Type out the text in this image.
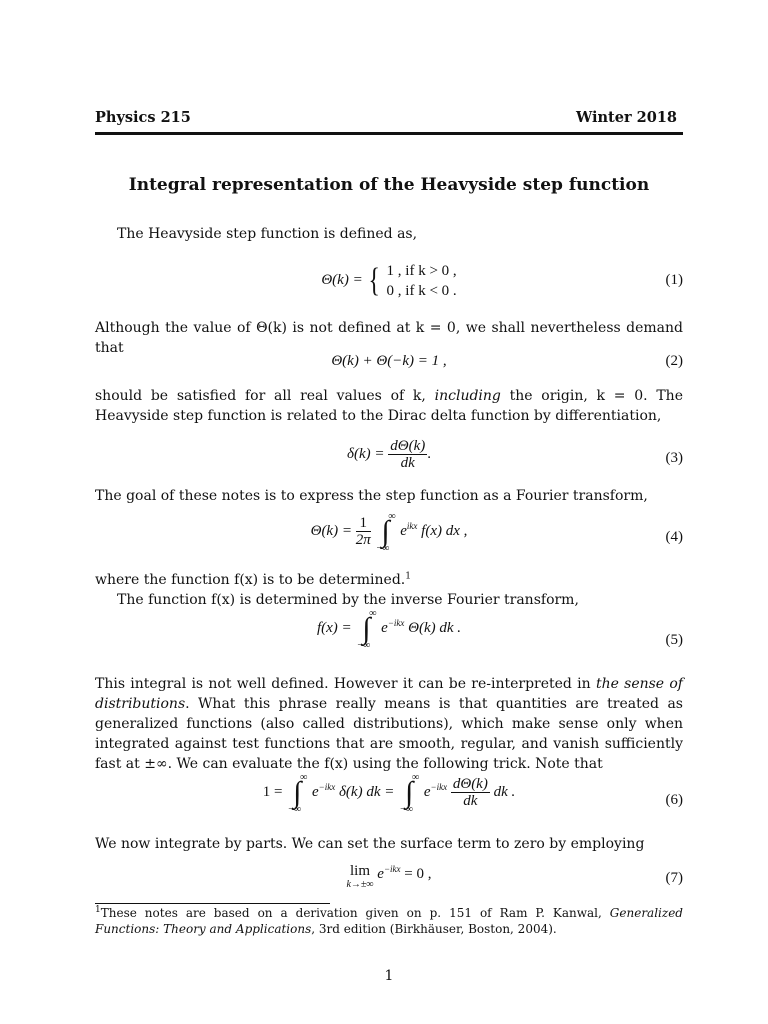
Physics 215	Winter 2018
Integral representation of the Heavyside step function
The Heavyside step function is defined as,
Θ(k) = { 1 , if k > 0 ,
0 , if k < 0 .
(1)
Although the value of Θ(k) is not defined at k = 0, we shall nevertheless demand that
Θ(k) + Θ(−k) = 1 ,	(2)
should be satisfied for all real values of k, including the origin, k = 0. The Heavyside step function is related to the Dirac delta function by differentiation,
$\delta(k) = \frac{d\Theta(k)}{dk}$ .	(3)
The goal of these notes is to express the step function as a Fourier transform,
$\Theta(k) = \frac{1}{2\pi}$ ∫
∞
−∞
$e^{ikx}$ f(x) dx ,	(4)
where the function f(x) is to be determined.$^1$
The function f(x) is determined by the inverse Fourier transform,
f(x) = ∫
∞
−∞
$e^{-ikx}$ Θ(k) dk .
(5)
This integral is not well defined. However it can be re-interpreted in the sense of distributions. What this phrase really means is that quantities are treated as generalized functions (also called distributions), which make sense only when integrated against test functions that are smooth, regular, and vanish sufficiently fast at ±∞. We can evaluate the f(x) using the following trick. Note that
1 = ∫
∞
−∞
$e^{-ikx}$ δ(k) dk = ∫
∞
−∞
$e^{-ikx} \frac{d\Theta(k)}{dk}$ dk .
(6)
We now integrate by parts. We can set the surface term to zero by employing
lim
k→±∞
$e^{-ikx} = 0$ ,	(7)
$^1$These notes are based on a derivation given on p. 151 of Ram P. Kanwal, Generalized Functions: Theory and Applications, 3rd edition (Birkhäuser, Boston, 2004).
1
